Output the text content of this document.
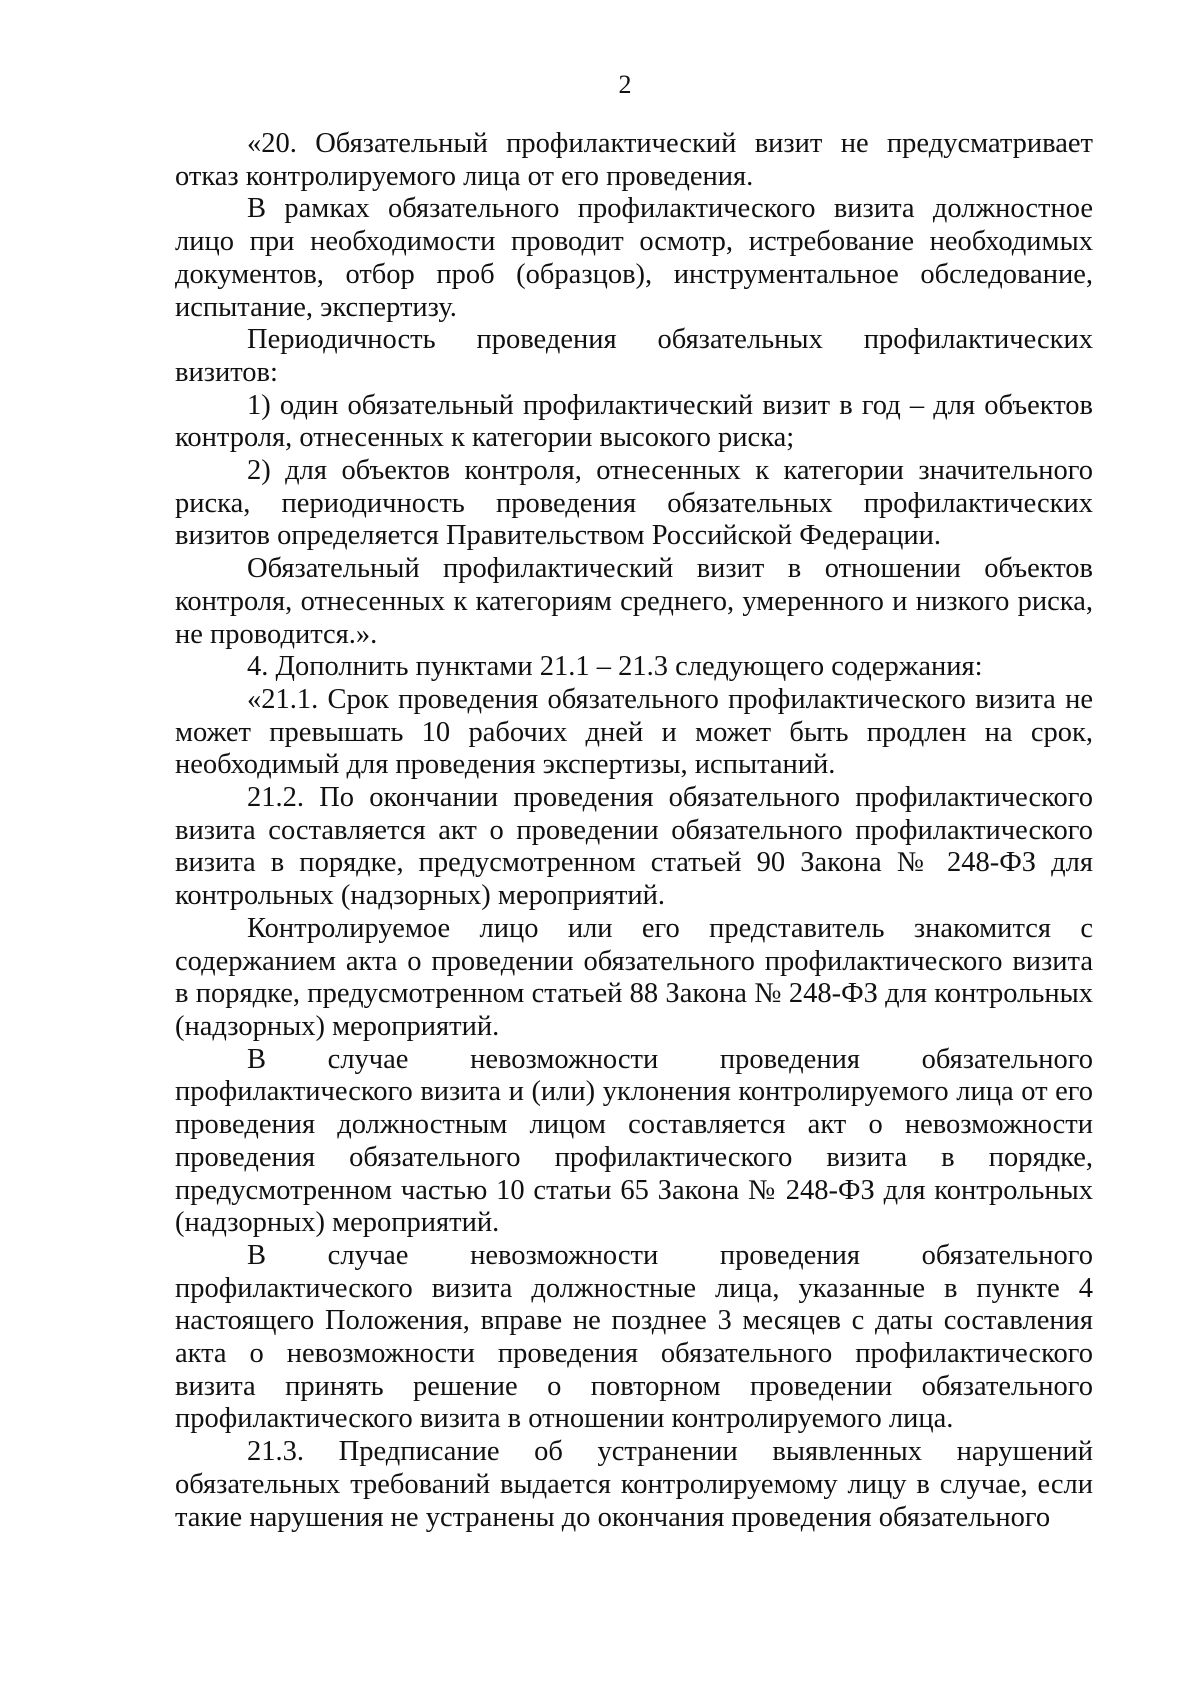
2

«20. Обязательный профилактический визит не предусматривает отказ контролируемого лица от его проведения.

В рамках обязательного профилактического визита должностное лицо при необходимости проводит осмотр, истребование необходимых документов, отбор проб (образцов), инструментальное обследование, испытание, экспертизу.

Периодичность проведения обязательных профилактических визитов:

1) один обязательный профилактический визит в год – для объектов контроля, отнесенных к категории высокого риска;

2) для объектов контроля, отнесенных к категории значительного риска, периодичность проведения обязательных профилактических визитов определяется Правительством Российской Федерации.

Обязательный профилактический визит в отношении объектов контроля, отнесенных к категориям среднего, умеренного и низкого риска, не проводится.».

4. Дополнить пунктами 21.1 – 21.3 следующего содержания:

«21.1. Срок проведения обязательного профилактического визита не может превышать 10 рабочих дней и может быть продлен на срок, необходимый для проведения экспертизы, испытаний.

21.2. По окончании проведения обязательного профилактического визита составляется акт о проведении обязательного профилактического визита в порядке, предусмотренном статьей 90 Закона № 248-ФЗ для контрольных (надзорных) мероприятий.

Контролируемое лицо или его представитель знакомится с содержанием акта о проведении обязательного профилактического визита в порядке, предусмотренном статьей 88 Закона № 248-ФЗ для контрольных (надзорных) мероприятий.

В случае невозможности проведения обязательного профилактического визита и (или) уклонения контролируемого лица от его проведения должностным лицом составляется акт о невозможности проведения обязательного профилактического визита в порядке, предусмотренном частью 10 статьи 65 Закона № 248-ФЗ для контрольных (надзорных) мероприятий.

В случае невозможности проведения обязательного профилактического визита должностные лица, указанные в пункте 4 настоящего Положения, вправе не позднее 3 месяцев с даты составления акта о невозможности проведения обязательного профилактического визита принять решение о повторном проведении обязательного профилактического визита в отношении контролируемого лица.

21.3. Предписание об устранении выявленных нарушений обязательных требований выдается контролируемому лицу в случае, если такие нарушения не устранены до окончания проведения обязательного
